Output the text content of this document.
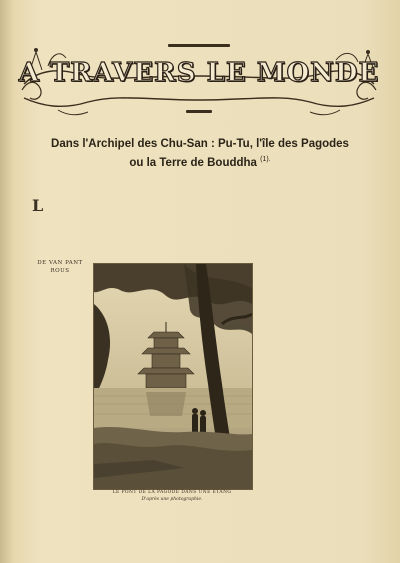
A TRAVERS LE MONDE
Dans l'Archipel des Chu-San : Pu-Tu, l'île des Pagodes
ou la Terre de Bouddha $^{(1).}$
L
DE VAN PANT ROUS
LE PONT DE LA PAGODE DANS UNE ÉTANG
D'après une photographie.
